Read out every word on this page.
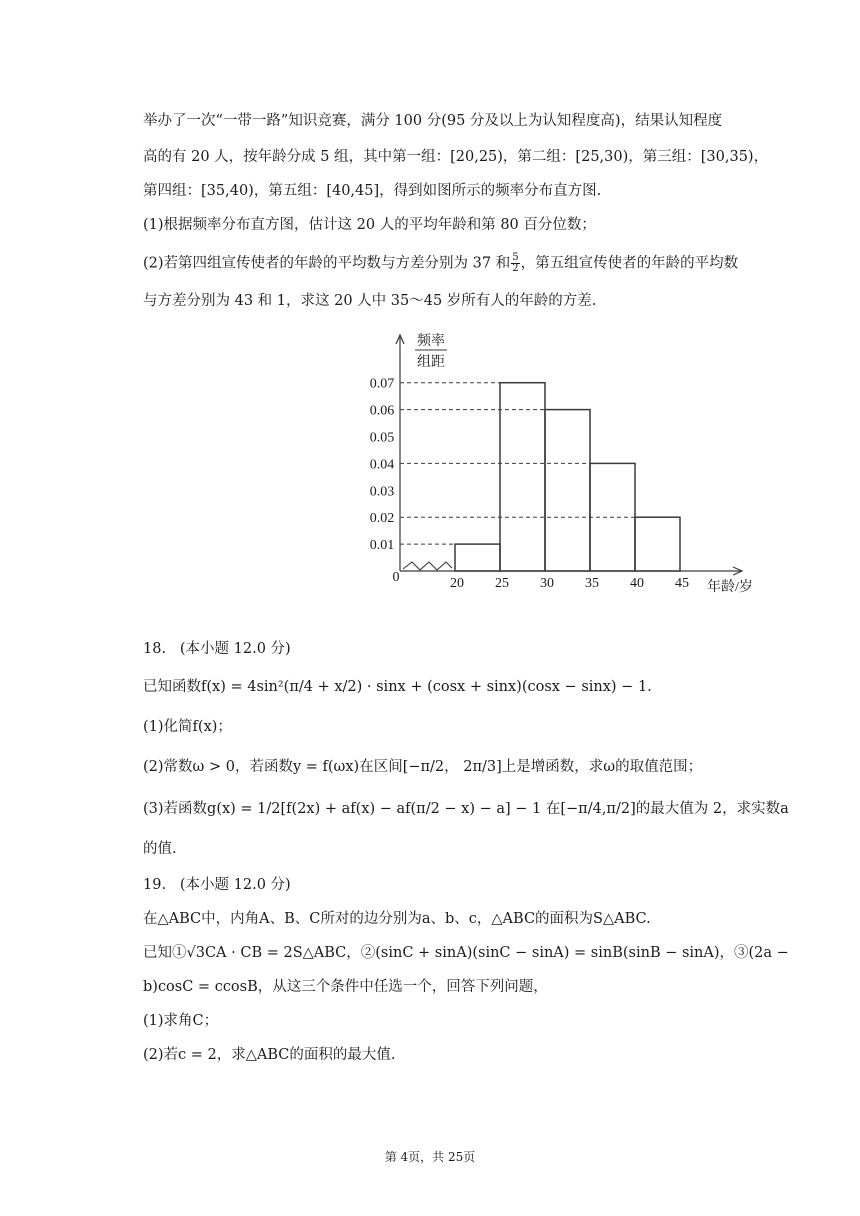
举办了一次“一带一路”知识竞赛，满分 100 分(95 分及以上为认知程度高)，结果认知程度
高的有 20 人，按年龄分成 5 组，其中第一组：[20,25)，第二组：[25,30)，第三组：[30,35)，
第四组：[35,40)，第五组：[40,45]，得到如图所示的频率分布直方图.
(1)根据频率分布直方图，估计这 20 人的平均年龄和第 80 百分位数；
(2)若第四组宣传使者的年龄的平均数与方差分别为 37 和 $\frac{5}{2}$ ，第五组宣传使者的年龄的平均数
与方差分别为 43 和 1，求这 20 人中 35～45 岁所有人的年龄的方差.
频率
组距
0
0.01
0.02
0.03
0.04
0.05
0.06
0.07
20 25 30 35 40 45 年龄/岁
18. (本小题 12.0 分)
已知函数f(x) = 4sin²(π/4 + x/2) · sinx + (cosx + sinx)(cosx − sinx) − 1.
(1)化简f(x)；
(2)常数ω > 0，若函数y = f(ωx)在区间[−π/2， 2π/3]上是增函数，求ω的取值范围；
(3)若函数g(x) = 1/2[f(2x) + af(x) − af(π/2 − x) − a] − 1 在[−π/4,π/2]的最大值为 2，求实数a
的值.
19. (本小题 12.0 分)
在△ABC中，内角A、B、C所对的边分别为a、b、c，△ABC的面积为S△ABC.
已知①√3CA · CB = 2S△ABC，②(sinC + sinA)(sinC − sinA) = sinB(sinB − sinA)，③(2a −
b)cosC = ccosB，从这三个条件中任选一个，回答下列问题，
(1)求角C；
(2)若c = 2，求△ABC的面积的最大值.
第 4页，共 25页
